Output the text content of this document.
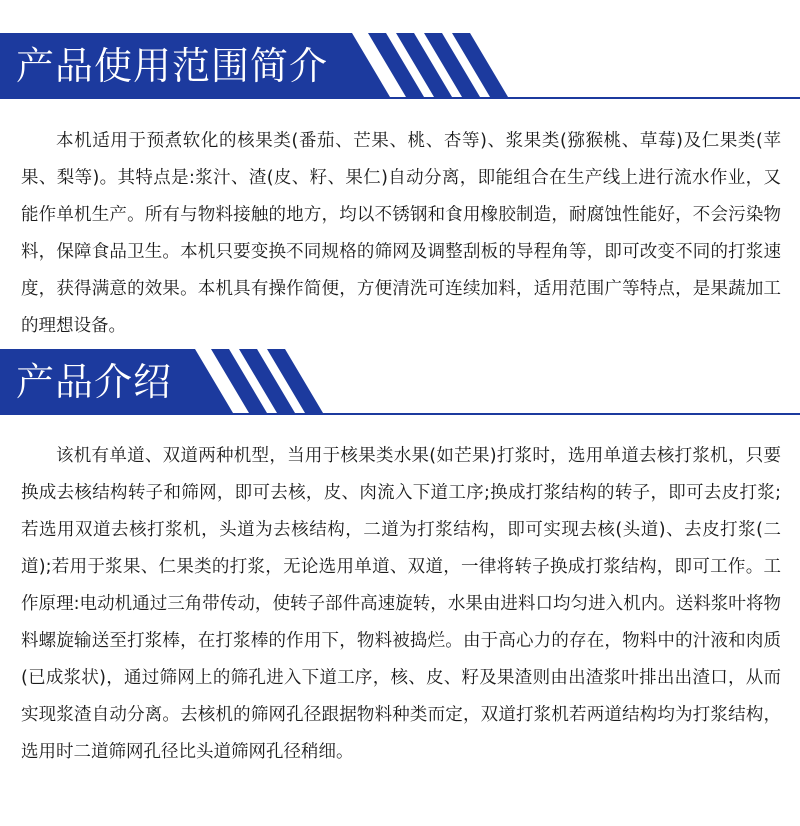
产品使用范围简介

本机适用于预煮软化的核果类(番茄、芒果、桃、杏等)、浆果类(猕猴桃、草莓)及仁果类(苹果、梨等)。其特点是:浆汁、渣(皮、籽、果仁)自动分离，即能组合在生产线上进行流水作业，又能作单机生产。所有与物料接触的地方，均以不锈钢和食用橡胶制造，耐腐蚀性能好，不会污染物料，保障食品卫生。本机只要变换不同规格的筛网及调整刮板的导程角等，即可改变不同的打浆速度，获得满意的效果。本机具有操作简便，方便清洗可连续加料，适用范围广等特点，是果蔬加工的理想设备。

产品介绍

该机有单道、双道两种机型，当用于核果类水果(如芒果)打浆时，选用单道去核打浆机，只要换成去核结构转子和筛网，即可去核，皮、肉流入下道工序;换成打浆结构的转子，即可去皮打浆;若选用双道去核打浆机，头道为去核结构，二道为打浆结构，即可实现去核(头道)、去皮打浆(二道);若用于浆果、仁果类的打浆，无论选用单道、双道，一律将转子换成打浆结构，即可工作。工作原理:电动机通过三角带传动，使转子部件高速旋转，水果由进料口均匀进入机内。送料浆叶将物料螺旋输送至打浆棒，在打浆棒的作用下，物料被捣烂。由于高心力的存在，物料中的汁液和肉质(已成浆状)，通过筛网上的筛孔进入下道工序，核、皮、籽及果渣则由出渣浆叶排出出渣口，从而实现浆渣自动分离。去核机的筛网孔径跟据物料种类而定，双道打浆机若两道结构均为打浆结构，选用时二道筛网孔径比头道筛网孔径稍细。
